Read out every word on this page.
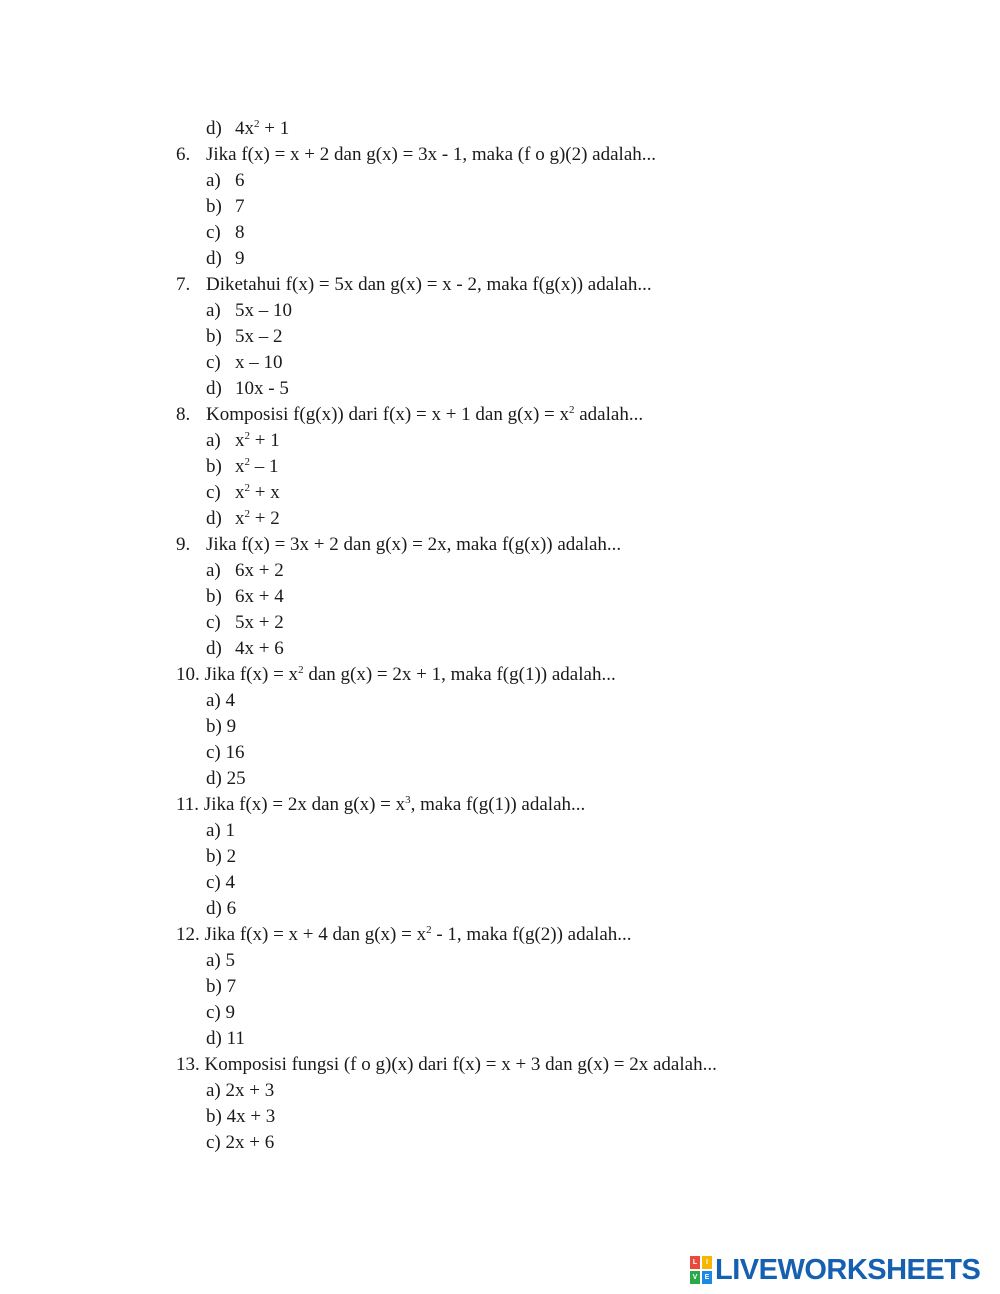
d) $4x^2 + 1$
6. Jika f(x) = x + 2 dan g(x) = 3x - 1, maka (f o g)(2) adalah...
a) 6
b) 7
c) 8
d) 9
7. Diketahui f(x) = 5x dan g(x) = x - 2, maka f(g(x)) adalah...
a) 5x – 10
b) 5x – 2
c) x – 10
d) 10x - 5
8. Komposisi f(g(x)) dari f(x) = x + 1 dan $g(x) = x^2$ adalah...
a) $x^2 + 1$
b) $x^2 - 1$
c) $x^2 + x$
d) $x^2 + 2$
9. Jika f(x) = 3x + 2 dan g(x) = 2x, maka f(g(x)) adalah...
a) 6x + 2
b) 6x + 4
c) 5x + 2
d) 4x + 6
10. Jika $f(x) = x^2$ dan g(x) = 2x + 1, maka f(g(1)) adalah...
a) 4
b) 9
c) 16
d) 25
11. Jika f(x) = 2x dan $g(x) = x^3$, maka f(g(1)) adalah...
a) 1
b) 2
c) 4
d) 6
12. Jika f(x) = x + 4 dan $g(x) = x^2 - 1$, maka f(g(2)) adalah...
a) 5
b) 7
c) 9
d) 11
13. Komposisi fungsi (f o g)(x) dari f(x) = x + 3 dan g(x) = 2x adalah...
a) 2x + 3
b) 4x + 3
c) 2x + 6
L	I
V	E LIVEWORKSHEETS
